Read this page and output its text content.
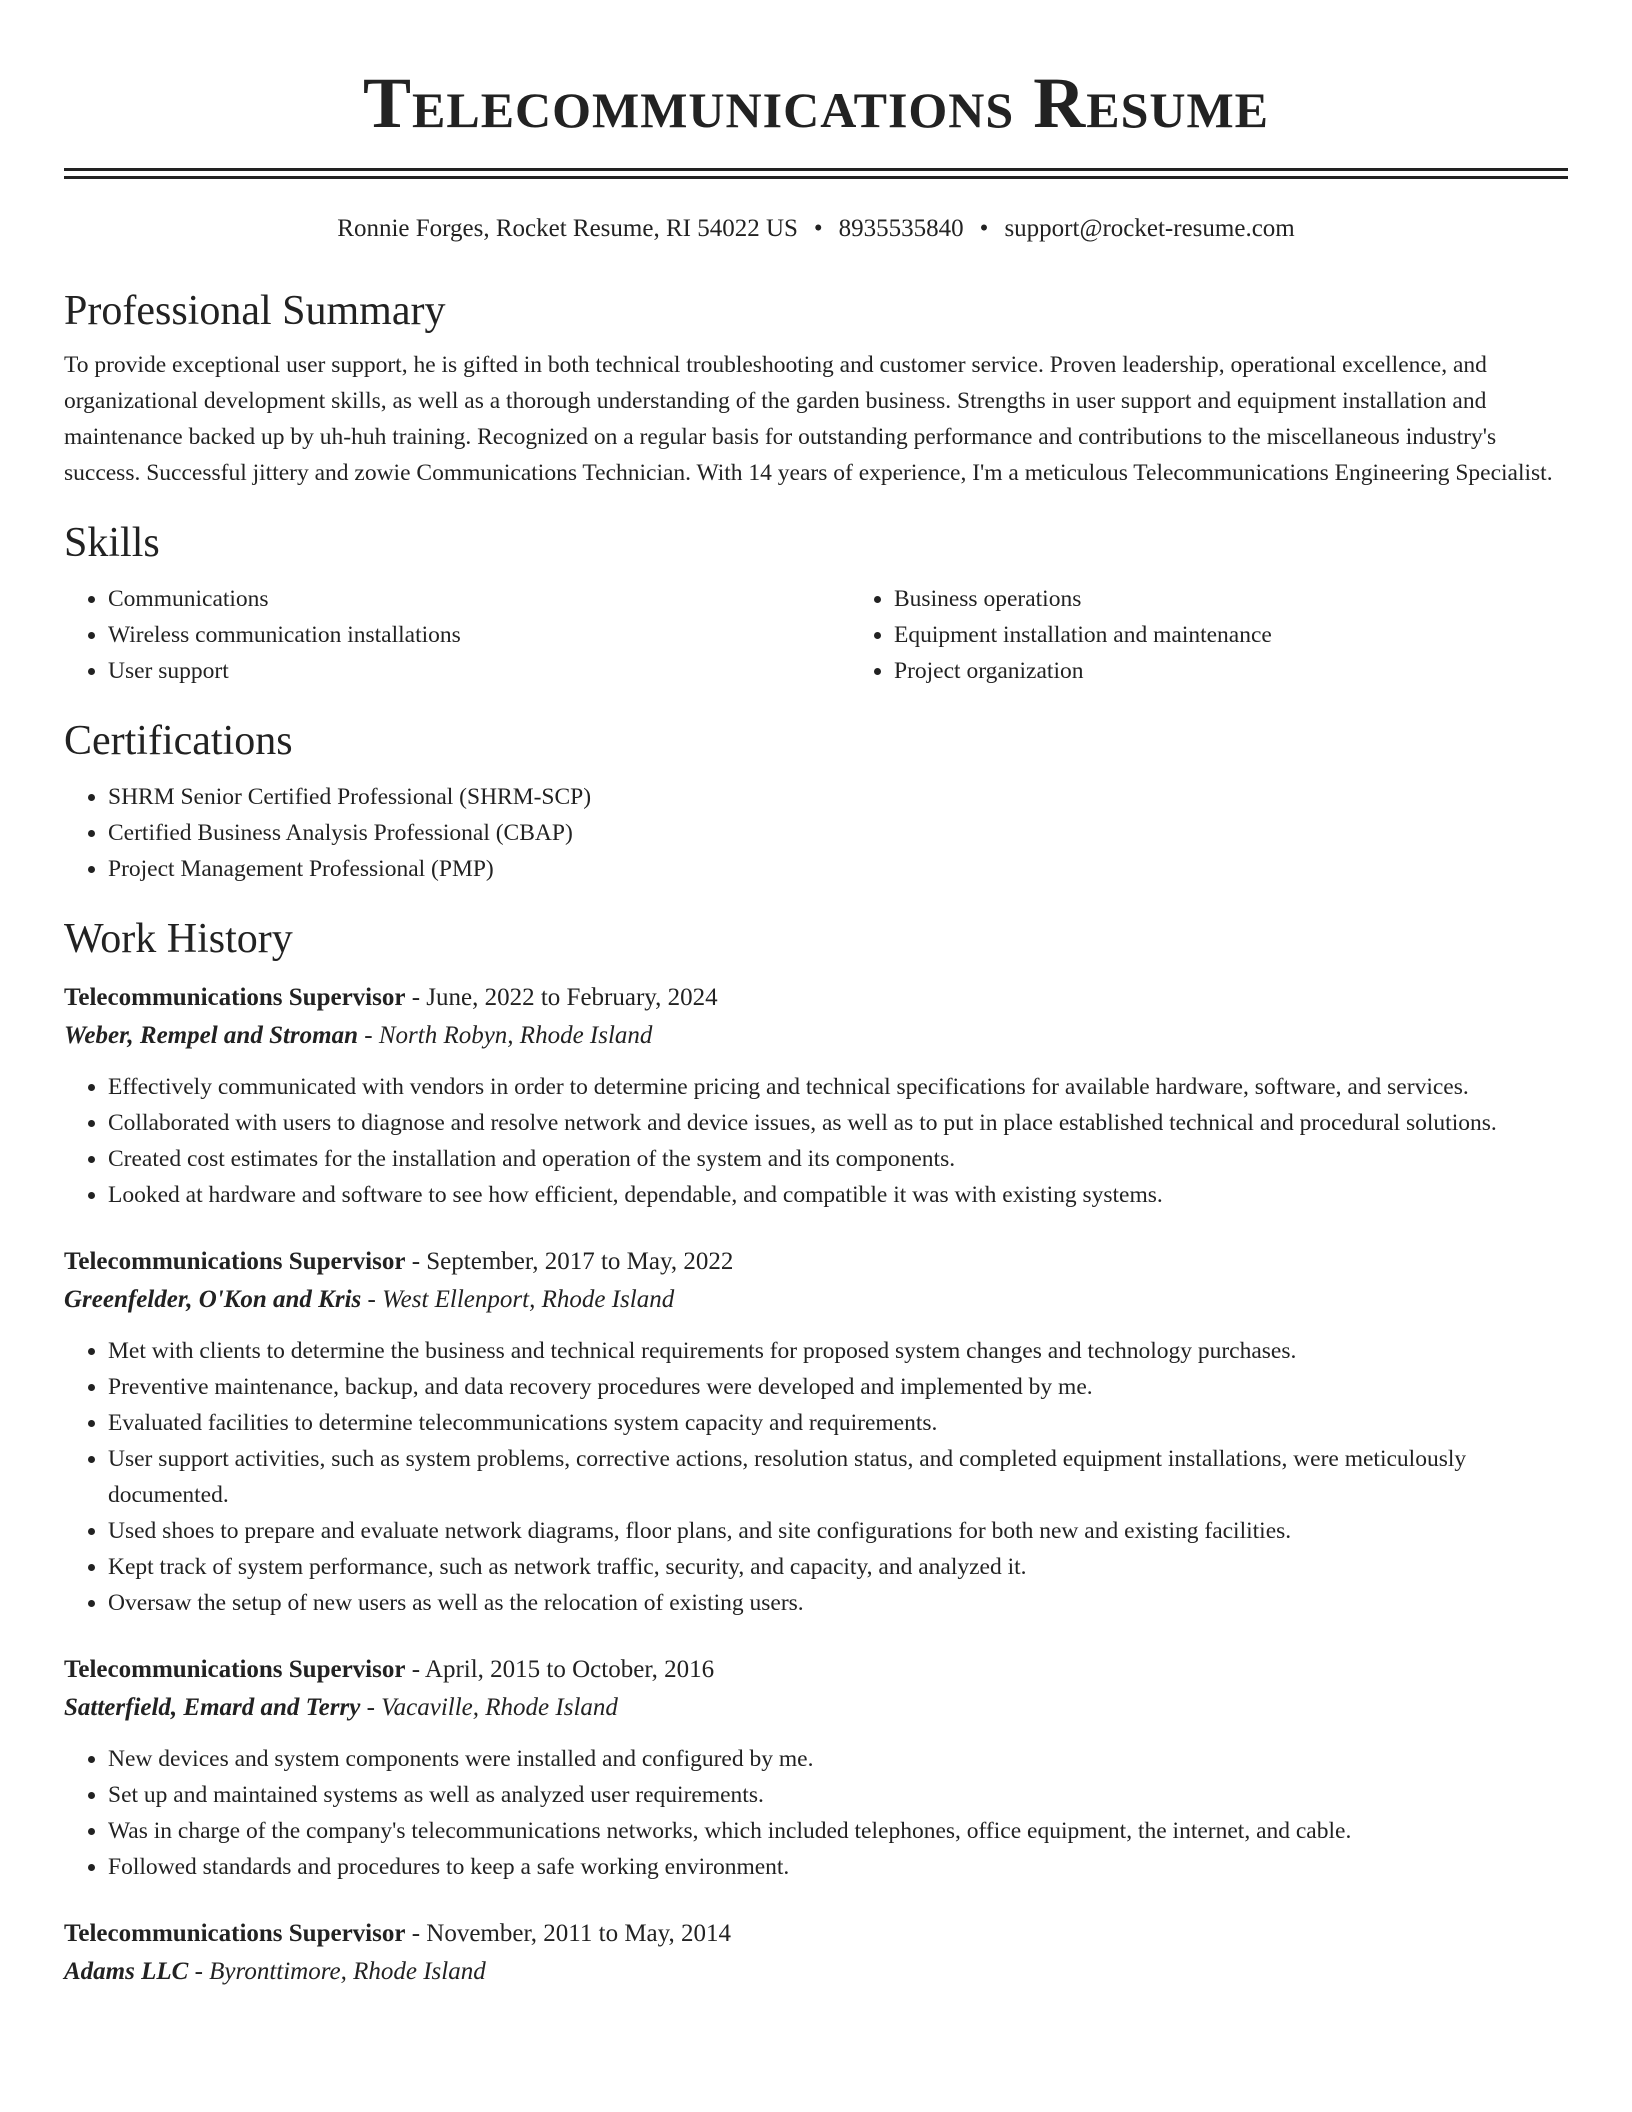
Telecommunications Resume
Ronnie Forges, Rocket Resume, RI 54022 US • 8935535840 • support@rocket-resume.com
Professional Summary

To provide exceptional user support, he is gifted in both technical troubleshooting and customer service. Proven leadership, operational excellence, and organizational development skills, as well as a thorough understanding of the garden business. Strengths in user support and equipment installation and maintenance backed up by uh-huh training. Recognized on a regular basis for outstanding performance and contributions to the miscellaneous industry's success. Successful jittery and zowie Communications Technician. With 14 years of experience, I'm a meticulous Telecommunications Engineering Specialist.

Skills
• Communications
• Wireless communication installations
• User support
• Business operations
• Equipment installation and maintenance
• Project organization
Certifications
• SHRM Senior Certified Professional (SHRM-SCP)
• Certified Business Analysis Professional (CBAP)
• Project Management Professional (PMP)
Work History
Telecommunications Supervisor - June, 2022 to February, 2024
Weber, Rempel and Stroman - North Robyn, Rhode Island
• Effectively communicated with vendors in order to determine pricing and technical specifications for available hardware, software, and services.
• Collaborated with users to diagnose and resolve network and device issues, as well as to put in place established technical and procedural solutions.
• Created cost estimates for the installation and operation of the system and its components.
• Looked at hardware and software to see how efficient, dependable, and compatible it was with existing systems.
Telecommunications Supervisor - September, 2017 to May, 2022
Greenfelder, O'Kon and Kris - West Ellenport, Rhode Island
• Met with clients to determine the business and technical requirements for proposed system changes and technology purchases.
• Preventive maintenance, backup, and data recovery procedures were developed and implemented by me.
• Evaluated facilities to determine telecommunications system capacity and requirements.
• User support activities, such as system problems, corrective actions, resolution status, and completed equipment installations, were meticulously documented.
• Used shoes to prepare and evaluate network diagrams, floor plans, and site configurations for both new and existing facilities.
• Kept track of system performance, such as network traffic, security, and capacity, and analyzed it.
• Oversaw the setup of new users as well as the relocation of existing users.
Telecommunications Supervisor - April, 2015 to October, 2016
Satterfield, Emard and Terry - Vacaville, Rhode Island
• New devices and system components were installed and configured by me.
• Set up and maintained systems as well as analyzed user requirements.
• Was in charge of the company's telecommunications networks, which included telephones, office equipment, the internet, and cable.
• Followed standards and procedures to keep a safe working environment.
Telecommunications Supervisor - November, 2011 to May, 2014
Adams LLC - Byronttimore, Rhode Island
